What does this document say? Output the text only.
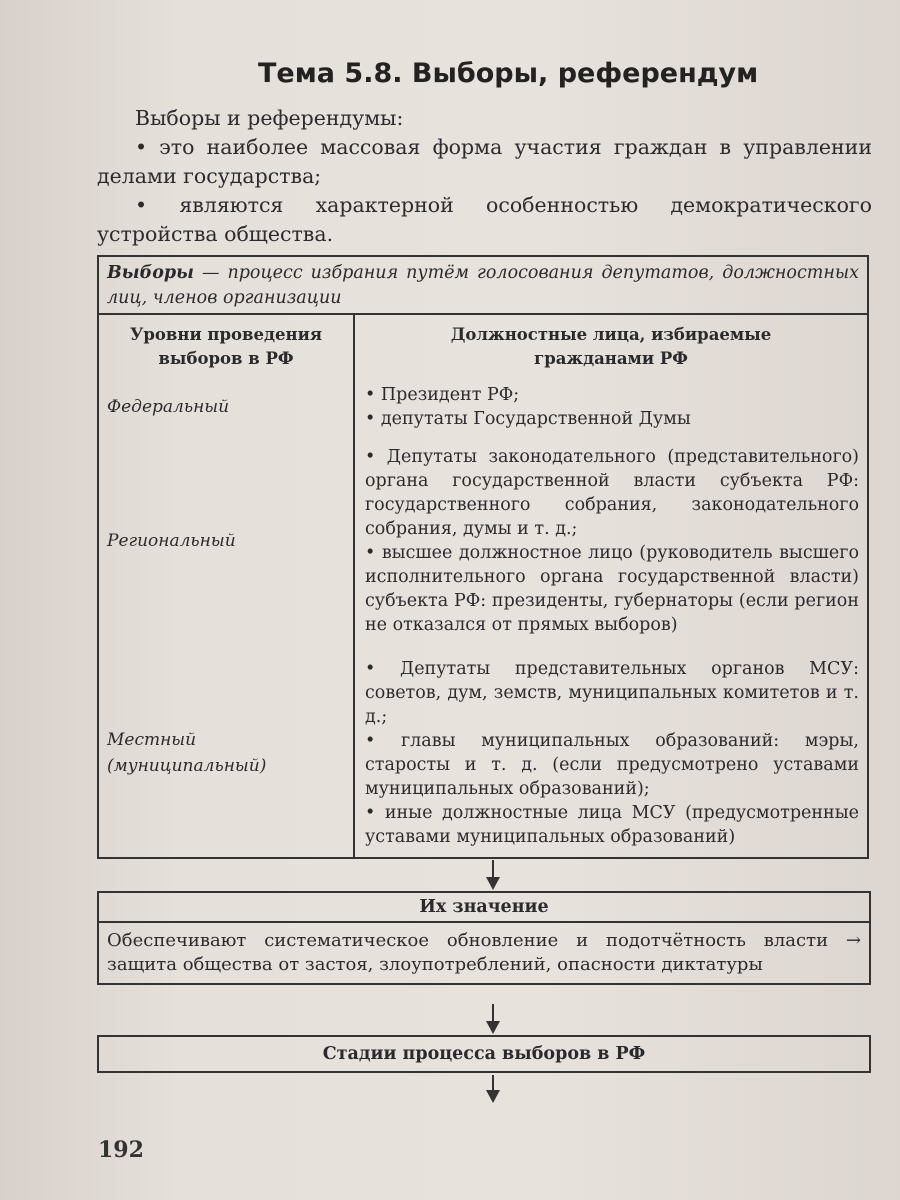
Тема 5.8. Выборы, референдум

Выборы и референдумы:

• это наиболее массовая форма участия граждан в управлении делами государства;

• являются характерной особенностью демократического устройства общества.

Выборы — процесс избрания путём голосования депутатов, должностных лиц, членов организации
Уровни проведения выборов в РФ	Должностные лица, избираемые гражданами РФ
Федеральный	• Президент РФ;
• депутаты Государственной Думы

Региональный	• Депутаты законодательного (представительного) органа государственной власти субъекта РФ: государственного собрания, законодательного собрания, думы и т. д.;
• высшее должностное лицо (руководитель высшего исполнительного органа государственной власти) субъекта РФ: президенты, губернаторы (если регион не отказался от прямых выборов)

Местный (муниципальный)	• Депутаты представительных органов МСУ: советов, дум, земств, муниципальных комитетов и т. д.;
• главы муниципальных образований: мэры, старосты и т. д. (если предусмотрено уставами муниципальных образований);
• иные должностные лица МСУ (предусмотренные уставами муниципальных образований)
Их значение
Обеспечивают систематическое обновление и подотчётность власти → защита общества от застоя, злоупотреблений, опасности диктатуры
Стадии процесса выборов в РФ
192
